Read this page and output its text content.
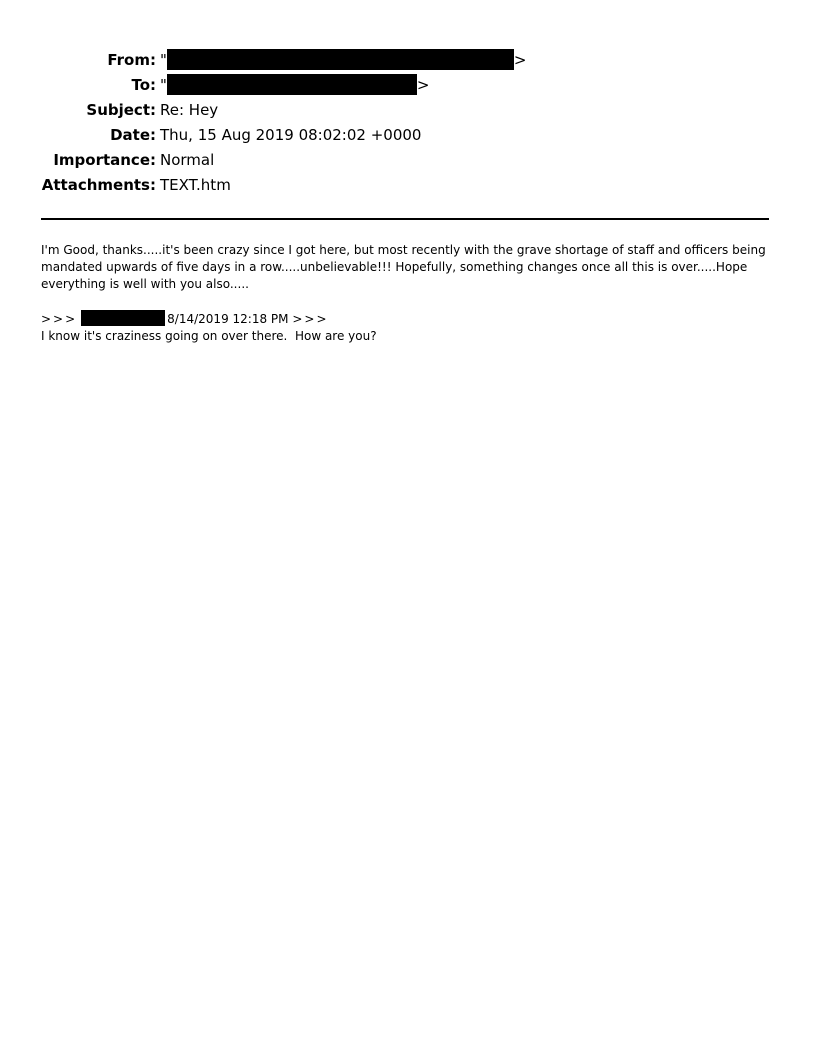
From: "	>
To: "	>
Subject: Re: Hey
Date: Thu, 15 Aug 2019 08:02:02 +0000
Importance: Normal
Attachments: TEXT.htm

I'm Good, thanks.....it's been crazy since I got here, but most recently with the grave shortage of staff and officers being mandated upwards of five days in a row.....unbelievable!!! Hopefully, something changes once all this is over.....Hope everything is well with you also.....

>>>	8/14/2019 12:18 PM >>>
I know it's craziness going on over there.  How are you?
